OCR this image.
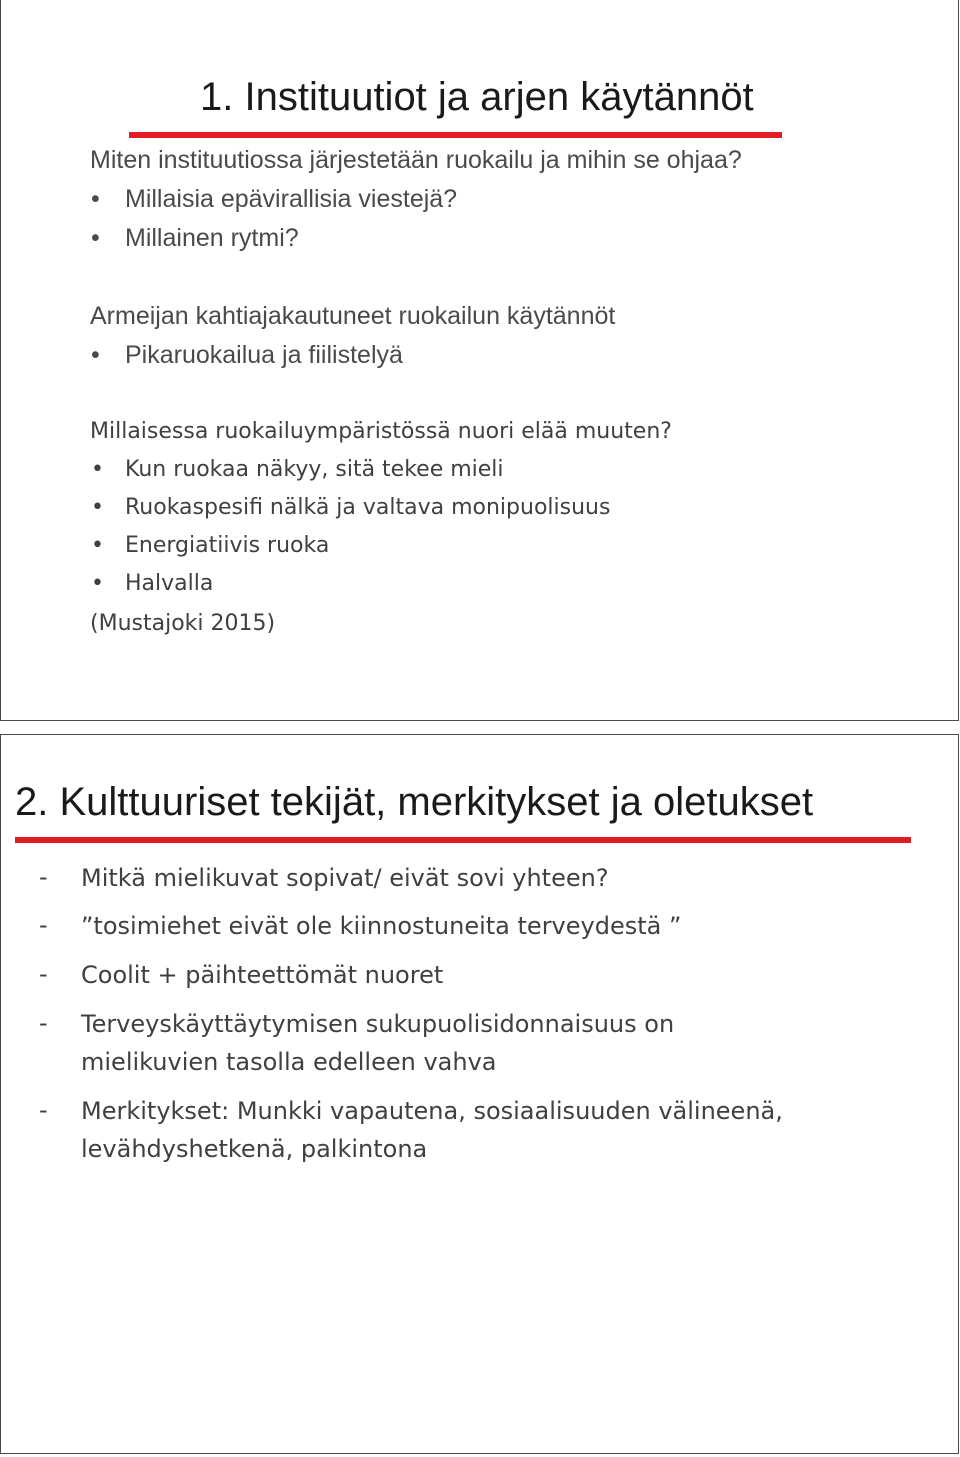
1. Instituutiot ja arjen käytännöt
Miten instituutiossa järjestetään ruokailu ja mihin se ohjaa?
• Millaisia epävirallisia viestejä?
• Millainen rytmi?
Armeijan kahtiajakautuneet ruokailun käytännöt
• Pikaruokailua ja fiilistelyä
Millaisessa ruokailuympäristössä nuori elää muuten?
• Kun ruokaa näkyy, sitä tekee mieli
• Ruokaspesifi nälkä ja valtava monipuolisuus
• Energiatiivis ruoka
• Halvalla
(Mustajoki 2015)
2. Kulttuuriset tekijät, merkitykset ja oletukset
- Mitkä mielikuvat sopivat/ eivät sovi yhteen?
- ”tosimiehet eivät ole kiinnostuneita terveydestä ”
- Coolit + päihteettömät nuoret
- Terveyskäyttäytymisen sukupuolisidonnaisuus on
mielikuvien tasolla edelleen vahva
- Merkitykset: Munkki vapautena, sosiaalisuuden välineenä,
levähdyshetkenä, palkintona
